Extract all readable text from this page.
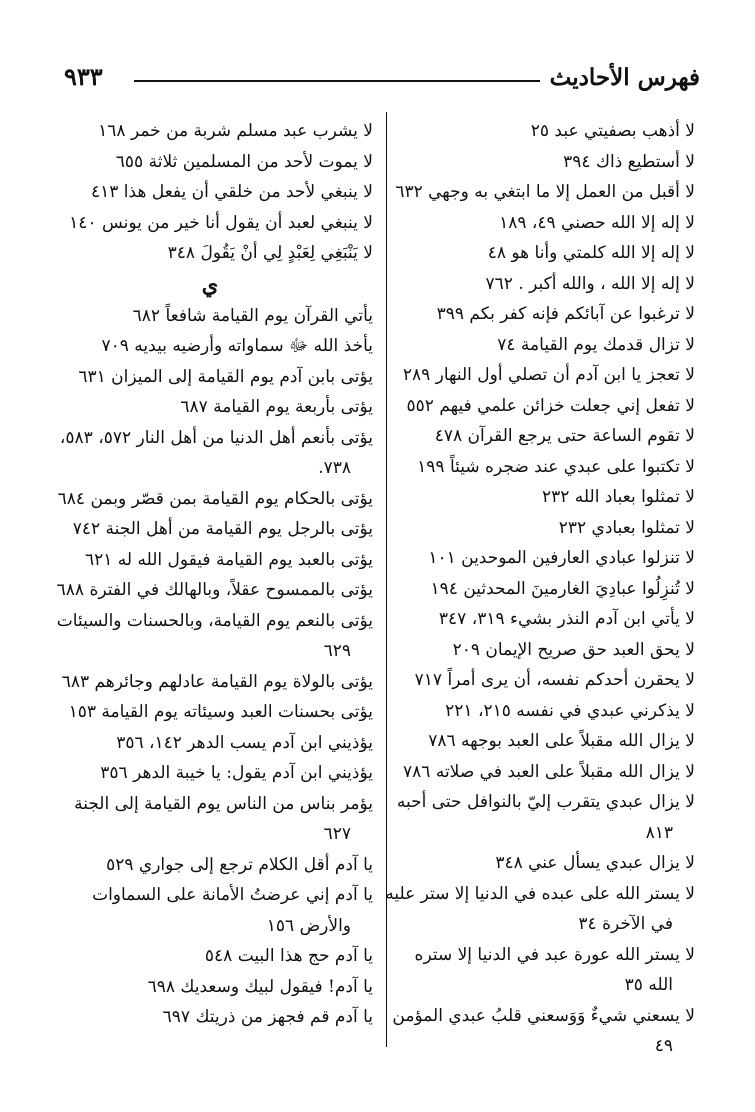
فهرس الأحاديث
٩٣٣
لا أذهب بصفيتي عبد ٢٥
لا أستطيع ذاك ٣٩٤
لا أقبل من العمل إلا ما ابتغي به وجهي ٦٣٢
لا إله إلا الله حصني ٤٩، ١٨٩
لا إله إلا الله كلمتي وأنا هو ٤٨
لا إله إلا الله ، والله أكبر . ٧٦٢
لا ترغبوا عن آبائكم فإنه كفر بكم ٣٩٩
لا تزال قدمك يوم القيامة ٧٤
لا تعجز يا ابن آدم أن تصلي أول النهار ٢٨٩
لا تفعل إني جعلت خزائن علمي فيهم ٥٥٢
لا تقوم الساعة حتى يرجع القرآن ٤٧٨
لا تكتبوا على عبدي عند ضجره شيئاً ١٩٩
لا تمثلوا بعباد الله ٢٣٢
لا تمثلوا بعبادي ٢٣٢
لا تنزلوا عبادي العارفين الموحدين ١٠١
لا تُنزِلُوا عبادِيَ الغارمينَ المحدثين ١٩٤
لا يأتي ابن آدم النذر بشيء ٣١٩، ٣٤٧
لا يحق العبد حق صريح الإيمان ٢٠٩
لا يحقرن أحدكم نفسه، أن يرى أمراً ٧١٧
لا يذكرني عبدي في نفسه ٢١٥، ٢٢١
لا يزال الله مقبلاً على العبد بوجهه ٧٨٦
لا يزال الله مقبلاً على العبد في صلاته ٧٨٦
لا يزال عبدي يتقرب إليّ بالنوافل حتى أحبه ٨١٣
لا يزال عبدي يسأل عني ٣٤٨
لا يستر الله على عبده في الدنيا إلا ستر عليه في الآخرة ٣٤
لا يستر الله عورة عبد في الدنيا إلا ستره الله ٣٥
لا يسعني شيءٌ وَوَسعني قلبُ عبدي المؤمن ٤٩
لا يشرب عبد مسلم شربة من خمر ١٦٨
لا يموت لأحد من المسلمين ثلاثة ٦٥٥
لا ينبغي لأحد من خلقي أن يفعل هذا ٤١٣
لا ينبغي لعبد أن يقول أنا خير من يونس ١٤٠
لا يَنْبَغِي لِعَبْدٍ لِي أنْ يَقُولَ ٣٤٨
ي
يأتي القرآن يوم القيامة شافعاً ٦٨٢
يأخذ الله ﷻ سماواته وأرضيه بيديه ٧٠٩
يؤتى بابن آدم يوم القيامة إلى الميزان ٦٣١
يؤتى بأربعة يوم القيامة ٦٨٧
يؤتى بأنعم أهل الدنيا من أهل النار ٥٧٢، ٥٨٣، ٧٣٨.
يؤتى بالحكام يوم القيامة بمن قصّر وبمن ٦٨٤
يؤتى بالرجل يوم القيامة من أهل الجنة ٧٤٢
يؤتى بالعبد يوم القيامة فيقول الله له ٦٢١
يؤتى بالممسوح عقلاً، وبالهالك في الفترة ٦٨٨
يؤتى بالنعم يوم القيامة، وبالحسنات والسيئات ٦٢٩
يؤتى بالولاة يوم القيامة عادلهم وجائرهم ٦٨٣
يؤتى بحسنات العبد وسيئاته يوم القيامة ١٥٣
يؤذيني ابن آدم يسب الدهر ١٤٢، ٣٥٦
يؤذيني ابن آدم يقول: يا خيبة الدهر ٣٥٦
يؤمر بناس من الناس يوم القيامة إلى الجنة ٦٢٧
يا آدم أقل الكلام ترجع إلى جواري ٥٢٩
يا آدم إني عرضتُ الأمانة على السماوات والأرض ١٥٦
يا آدم حج هذا البيت ٥٤٨
يا آدم! فيقول لبيك وسعديك ٦٩٨
يا آدم قم فجهز من ذريتك ٦٩٧
